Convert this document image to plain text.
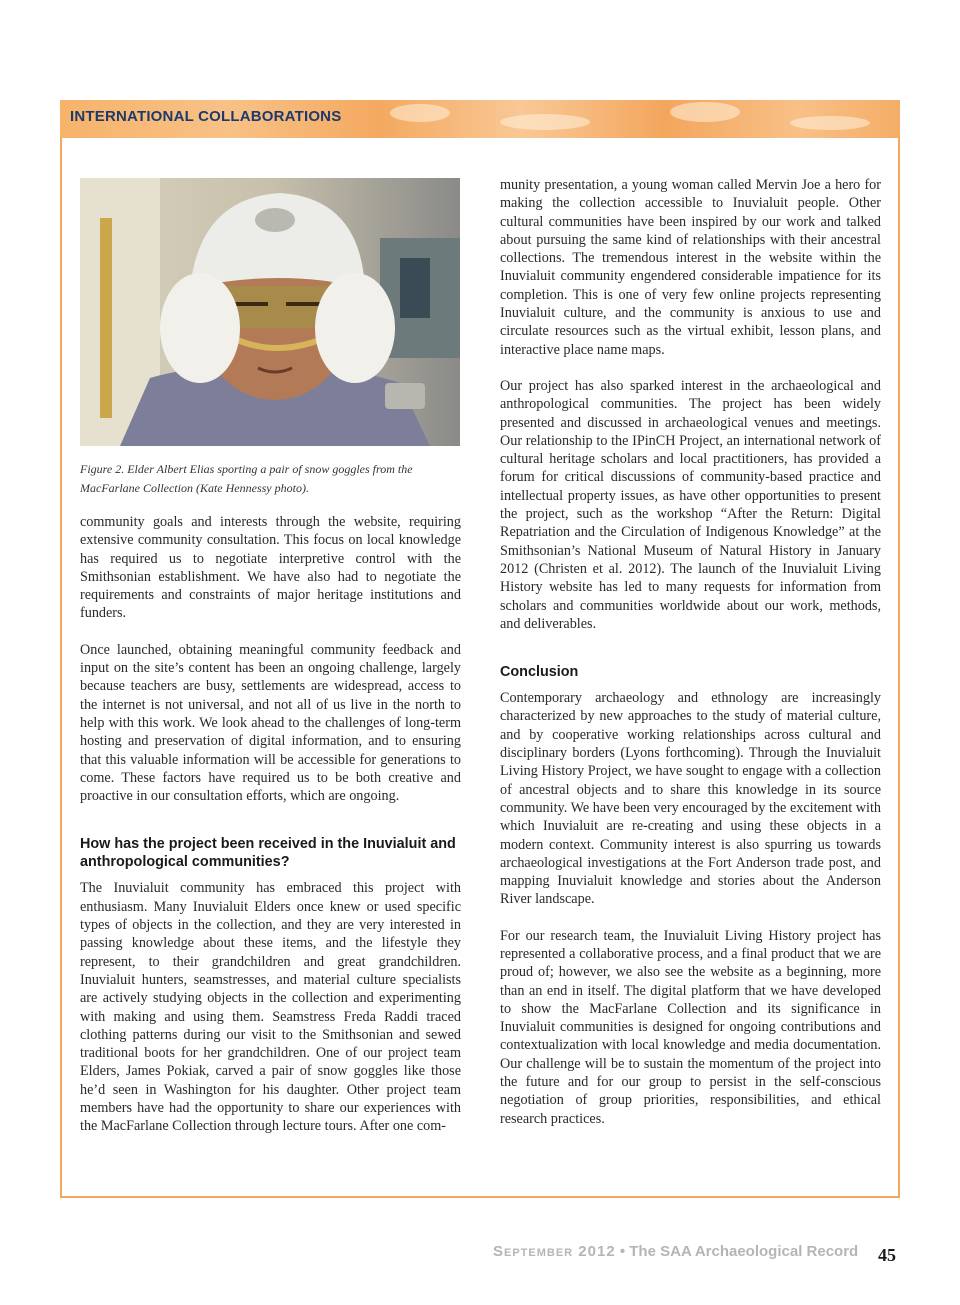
INTERNATIONAL COLLABORATIONS
Figure 2. Elder Albert Elias sporting a pair of snow goggles from the MacFarlane Collection (Kate Hennessy photo).

community goals and interests through the website, requiring extensive community consultation. This focus on local knowledge has required us to negotiate interpretive control with the Smithsonian establishment. We have also had to negotiate the requirements and constraints of major heritage institutions and funders.

Once launched, obtaining meaningful community feedback and input on the site’s content has been an ongoing challenge, largely because teachers are busy, settlements are widespread, access to the internet is not universal, and not all of us live in the north to help with this work. We look ahead to the challenges of long-term hosting and preservation of digital information, and to ensuring that this valuable information will be accessible for generations to come. These factors have required us to be both creative and proactive in our consultation efforts, which are ongoing.

How has the project been received in the Inuvialuit and anthropological communities?

The Inuvialuit community has embraced this project with enthusiasm. Many Inuvialuit Elders once knew or used specific types of objects in the collection, and they are very interested in passing knowledge about these items, and the lifestyle they represent, to their grandchildren and great grandchildren. Inuvialuit hunters, seamstresses, and material culture specialists are actively studying objects in the collection and experimenting with making and using them. Seamstress Freda Raddi traced clothing patterns during our visit to the Smithsonian and sewed traditional boots for her grandchildren. One of our project team Elders, James Pokiak, carved a pair of snow goggles like those he’d seen in Washington for his daughter. Other project team members have had the opportunity to share our experiences with the MacFarlane Collection through lecture tours. After one com-

munity presentation, a young woman called Mervin Joe a hero for making the collection accessible to Inuvialuit people. Other cultural communities have been inspired by our work and talked about pursuing the same kind of relationships with their ancestral collections. The tremendous interest in the website within the Inuvialuit community engendered considerable impatience for its completion. This is one of very few online projects representing Inuvialuit culture, and the community is anxious to use and circulate resources such as the virtual exhibit, lesson plans, and interactive place name maps.

Our project has also sparked interest in the archaeological and anthropological communities. The project has been widely presented and discussed in archaeological venues and meetings. Our relationship to the IPinCH Project, an international network of cultural heritage scholars and local practitioners, has provided a forum for critical discussions of community-based practice and intellectual property issues, as have other opportunities to present the project, such as the workshop “After the Return: Digital Repatriation and the Circulation of Indigenous Knowledge” at the Smithsonian’s National Museum of Natural History in January 2012 (Christen et al. 2012). The launch of the Inuvialuit Living History website has led to many requests for information from scholars and communities worldwide about our work, methods, and deliverables.

Conclusion

Contemporary archaeology and ethnology are increasingly characterized by new approaches to the study of material culture, and by cooperative working relationships across cultural and disciplinary borders (Lyons forthcoming). Through the Inuvialuit Living History Project, we have sought to engage with a collection of ancestral objects and to share this knowledge in its source community. We have been very encouraged by the excitement with which Inuvialuit are re-creating and using these objects in a modern context. Community interest is also spurring us towards archaeological investigations at the Fort Anderson trade post, and mapping Inuvialuit knowledge and stories about the Anderson River landscape.

For our research team, the Inuvialuit Living History project has represented a collaborative process, and a final product that we are proud of; however, we also see the website as a beginning, more than an end in itself. The digital platform that we have developed to show the MacFarlane Collection and its significance in Inuvialuit communities is designed for ongoing contributions and contextualization with local knowledge and media documentation. Our challenge will be to sustain the momentum of the project into the future and for our group to persist in the self-conscious negotiation of group priorities, responsibilities, and ethical research practices.

September 2012 • The SAA Archaeological Record 45
